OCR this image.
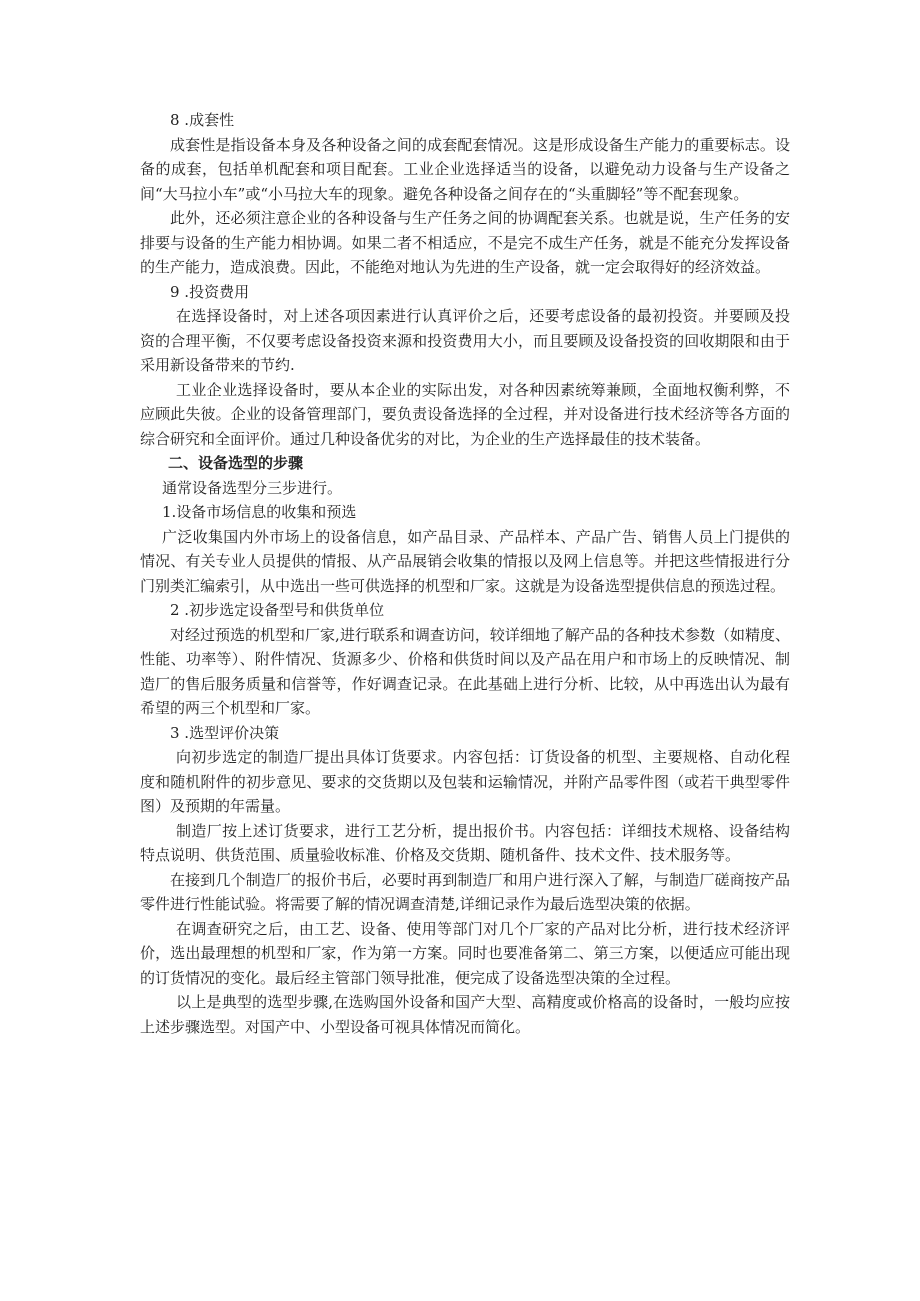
8 .成套性

成套性是指设备本身及各种设备之间的成套配套情况。这是形成设备生产能力的重要标志。设备的成套，包括单机配套和项目配套。工业企业选择适当的设备，以避免动力设备与生产设备之间“大马拉小车”或“小马拉大车的现象。避免各种设备之间存在的“头重脚轻”等不配套现象。

此外，还必须注意企业的各种设备与生产任务之间的协调配套关系。也就是说，生产任务的安排要与设备的生产能力相协调。如果二者不相适应，不是完不成生产任务，就是不能充分发挥设备的生产能力，造成浪费。因此，不能绝对地认为先进的生产设备，就一定会取得好的经济效益。

9 .投资费用

在选择设备时，对上述各项因素进行认真评价之后，还要考虑设备的最初投资。并要顾及投资的合理平衡，不仅要考虑设备投资来源和投资费用大小，而且要顾及设备投资的回收期限和由于采用新设备带来的节约.

工业企业选择设备时，要从本企业的实际出发，对各种因素统筹兼顾，全面地权衡利弊，不应顾此失彼。企业的设备管理部门，要负责设备选择的全过程，并对设备进行技术经济等各方面的综合研究和全面评价。通过几种设备优劣的对比，为企业的生产选择最佳的技术装备。

二、设备选型的步骤

通常设备选型分三步进行。

1.设备市场信息的收集和预选

广泛收集国内外市场上的设备信息，如产品目录、产品样本、产品广告、销售人员上门提供的情况、有关专业人员提供的情报、从产品展销会收集的情报以及网上信息等。并把这些情报进行分门别类汇编索引，从中选出一些可供选择的机型和厂家。这就是为设备选型提供信息的预选过程。

2 .初步选定设备型号和供货单位

对经过预选的机型和厂家,进行联系和调查访问，较详细地了解产品的各种技术参数（如精度、性能、功率等）、附件情况、货源多少、价格和供货时间以及产品在用户和市场上的反映情况、制造厂的售后服务质量和信誉等，作好调查记录。在此基础上进行分析、比较，从中再选出认为最有希望的两三个机型和厂家。

3 .选型评价决策

向初步选定的制造厂提出具体订货要求。内容包括：订货设备的机型、主要规格、自动化程度和随机附件的初步意见、要求的交货期以及包装和运输情况，并附产品零件图（或若干典型零件图）及预期的年需量。

制造厂按上述订货要求，进行工艺分析，提出报价书。内容包括：详细技术规格、设备结构特点说明、供货范围、质量验收标准、价格及交货期、随机备件、技术文件、技术服务等。

在接到几个制造厂的报价书后，必要时再到制造厂和用户进行深入了解，与制造厂磋商按产品零件进行性能试验。将需要了解的情况调查清楚,详细记录作为最后选型决策的依据。

在调查研究之后，由工艺、设备、使用等部门对几个厂家的产品对比分析，进行技术经济评价，选出最理想的机型和厂家，作为第一方案。同时也要准备第二、第三方案，以便适应可能出现的订货情况的变化。最后经主管部门领导批准，便完成了设备选型决策的全过程。

以上是典型的选型步骤,在选购国外设备和国产大型、高精度或价格高的设备时，一般均应按上述步骤选型。对国产中、小型设备可视具体情况而简化。
